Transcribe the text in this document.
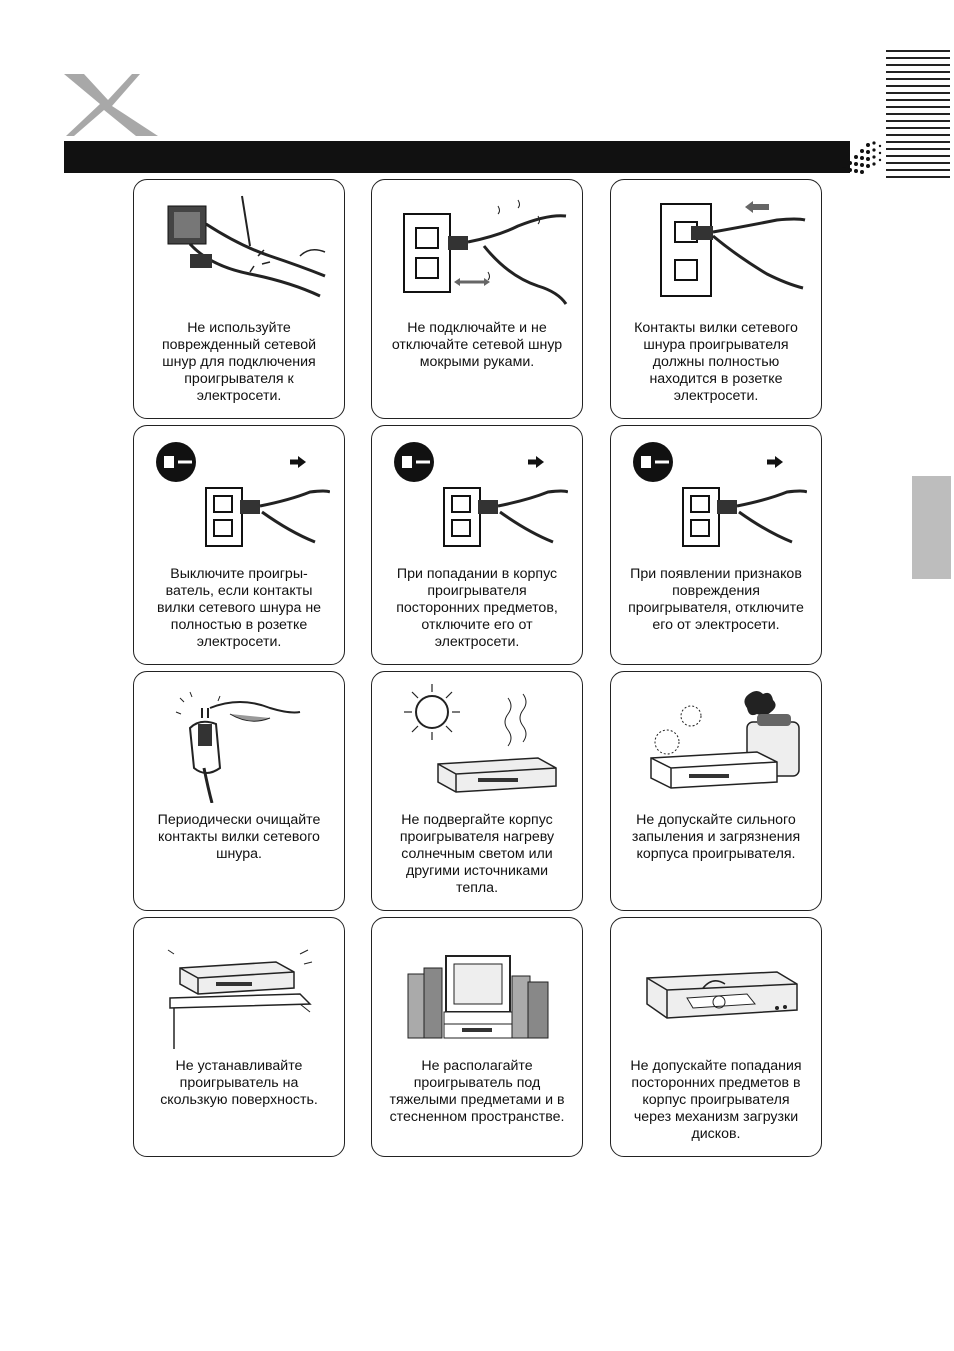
Не используйте
поврежденный сетевой
шнур для подключения
проигрывателя к
электросети.
Не подключайте и не
отключайте сетевой шнур
мокрыми руками.
Контакты вилки сетевого
шнура проигрывателя
должны полностью
находится в розетке
электросети.
Выключите проигры-
ватель, если контакты
вилки сетевого шнура не
полностью в розетке
электросети.
При попадании в корпус
проигрывателя
посторонних предметов,
отключите его от
электросети.
При появлении признаков
повреждения
проигрывателя, отключите
его от электросети.
Периодически очищайте
контакты вилки сетевого
шнура.
Не подвергайте корпус
проигрывателя нагреву
солнечным светом или
другими источниками
тепла.
Не допускайте сильного
запыления и загрязнения
корпуса проигрывателя.
Не устанавливайте
проигрыватель на
скользкую поверхность.
Не располагайте
проигрыватель под
тяжелыми предметами и в
стесненном пространстве.
Не допускайте попадания
посторонних предметов в
корпус проигрывателя
через механизм загрузки
дисков.
